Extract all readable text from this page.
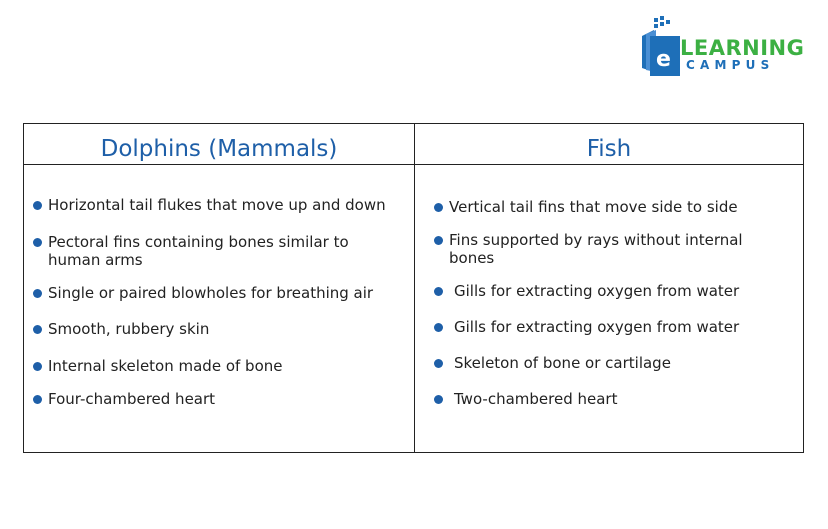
e LEARNING
CAMPUS
Dolphins (Mammals)	Fish
Horizontal tail flukes that move up and down
Pectoral fins containing bones similar to human arms
Single or paired blowholes for breathing air
Smooth, rubbery skin
Internal skeleton made of bone
Four-chambered heart
Vertical tail fins that move side to side
Fins supported by rays without internal bones
Gills for extracting oxygen from water
Gills for extracting oxygen from water
Skeleton of bone or cartilage
Two-chambered heart
